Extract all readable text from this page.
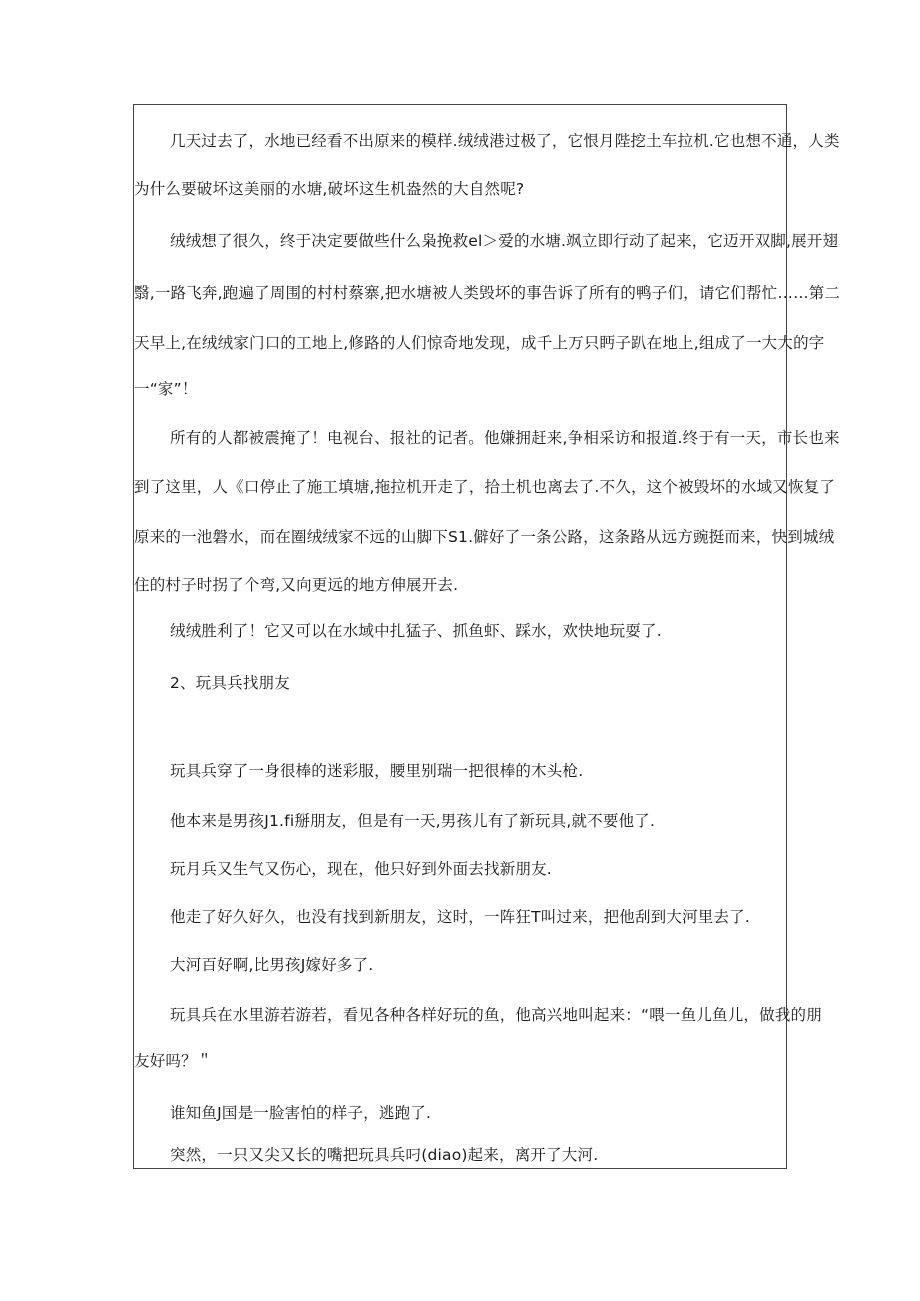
几天过去了，水地已经看不出原来的模样.绒绒港过极了，它恨月陛挖土车拉机.它也想不通，人类

为什么要破坏这美丽的水塘,破坏这生机盎然的大自然呢?

绒绒想了很久，终于决定要做些什么枭挽救el＞爱的水塘.飒立即行动了起来，它迈开双脚,展开翅

翳,一路飞奔,跑遍了周围的村村蔡寨,把水塘被人类毁坏的事告诉了所有的鸭子们，请它们帮忙……第二

天早上,在绒绒家门口的工地上,修路的人们惊奇地发现，成千上万只眄子趴在地上,组成了一大大的字

一“家”！

所有的人都被震掩了！电视台、报社的记者。他嫌拥赶来,争相采访和报道.终于有一天，市长也来

到了这里，人《口停止了施工填塘,拖拉机开走了，拾土机也离去了.不久，这个被毁坏的水域又恢复了

原来的一池磐水，而在圈绒绒家不远的山脚下S1.僻好了一条公路，这条路从远方豌挺而来，快到城绒

住的村子时拐了个弯,又向更远的地方伸展开去.

绒绒胜利了！它又可以在水域中扎猛子、抓鱼虾、踩水，欢快地玩耍了.

2、玩具兵找朋友

玩具兵穿了一身很棒的迷彩服，腰里别瑞一把很棒的木头枪.

他本来是男孩J1.fi掰朋友，但是有一天,男孩儿有了新玩具,就不要他了.

玩月兵又生气又伤心，现在，他只好到外面去找新朋友.

他走了好久好久，也没有找到新朋友，这时，一阵狂T叫过来，把他刮到大河里去了.

大河百好啊,比男孩J嫁好多了.

玩具兵在水里游若游若，看见各种各样好玩的鱼，他高兴地叫起来：“喂一鱼儿鱼儿，做我的朋

友好吗？＂

谁知鱼J国是一脸害怕的样子，逃跑了.

突然，一只又尖又长的嘴把玩具兵叼(diao)起来，离开了大河.
